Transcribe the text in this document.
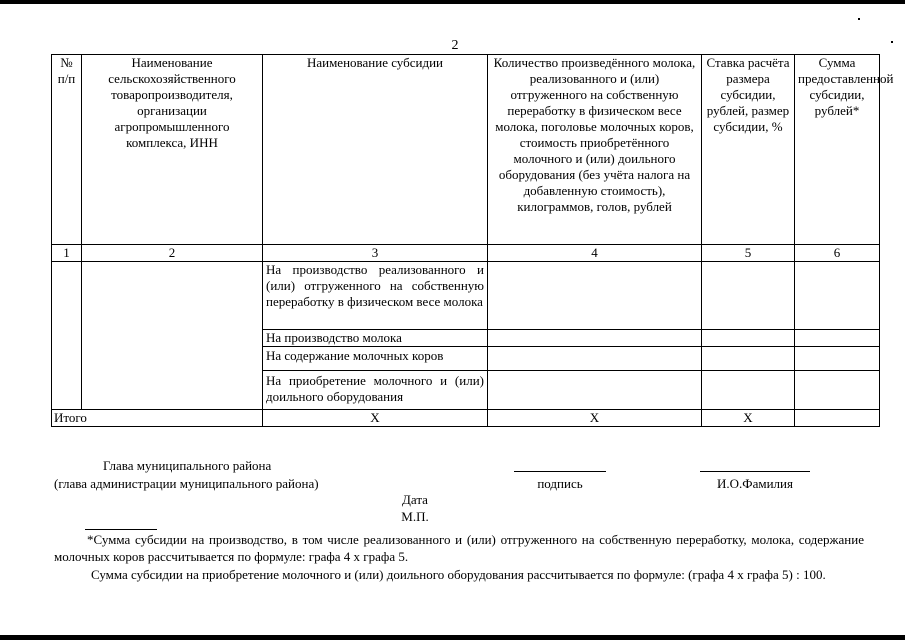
2
№ п/п	Наименование сельскохозяйственного товаропроизводителя, организации агропромышленного комплекса, ИНН	Наименование субсидии	Количество произведённого молока, реализованного и (или) отгруженного на собственную переработку в физическом весе молока, поголовье молочных коров, стоимость приобретённого молочного и (или) доильного оборудования (без учёта налога на добавленную стоимость), килограммов, голов, рублей	Ставка расчёта размера субсидии, рублей, размер субсидии, %	Сумма предоставленной субсидии, рублей*
1	2	3	4	5	6
		На производство реализованного и (или) отгруженного на собственную переработку в физическом весе молока			
		На производство молока			
		На содержание молочных коров			
		На приобретение молочного и (или) доильного оборудования			
Итого		Х	Х	Х	
Глава муниципального района
(глава администрации муниципального района)	подпись	И.О.Фамилия
Дата
М.П.
*Сумма субсидии на производство, в том числе реализованного и (или) отгруженного на собственную переработку, молока, содержание молочных коров рассчитывается по формуле: графа 4 х графа 5.
Сумма субсидии на приобретение молочного и (или) доильного оборудования рассчитывается по формуле: (графа 4 х графа 5) : 100.
